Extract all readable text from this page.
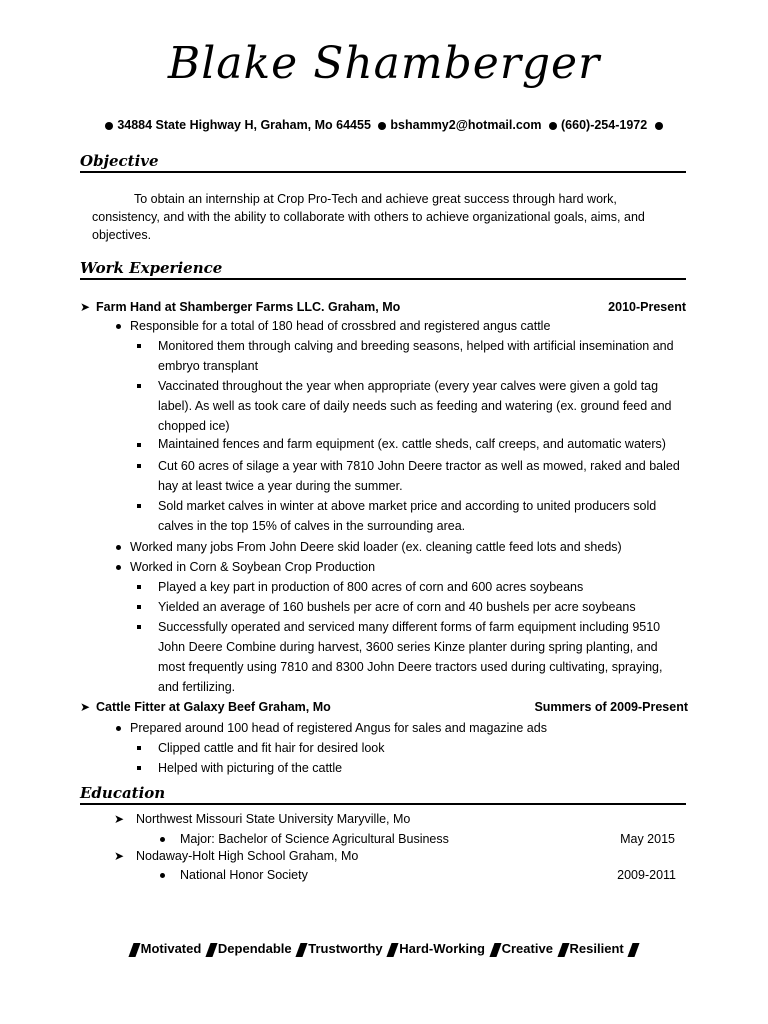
Blake Shamberger
34884 State Highway H, Graham, Mo 64455 bshammy2@hotmail.com (660)-254-1972
Objective
To obtain an internship at Crop Pro-Tech and achieve great success through hard work, consistency, and with the ability to collaborate with others to achieve organizational goals, aims, and objectives.
Work Experience
➤ Farm Hand at Shamberger Farms LLC. Graham, Mo	2010-Present
Responsible for a total of 180 head of crossbred and registered angus cattle
Monitored them through calving and breeding seasons, helped with artificial insemination and embryo transplant
Vaccinated throughout the year when appropriate (every year calves were given a gold tag label). As well as took care of daily needs such as feeding and watering (ex. ground feed and chopped ice)
Maintained fences and farm equipment (ex. cattle sheds, calf creeps, and automatic waters)
Cut 60 acres of silage a year with 7810 John Deere tractor as well as mowed, raked and baled hay at least twice a year during the summer.
Sold market calves in winter at above market price and according to united producers sold calves in the top 15% of calves in the surrounding area.
Worked many jobs From John Deere skid loader (ex. cleaning cattle feed lots and sheds)
Worked in Corn & Soybean Crop Production
Played a key part in production of 800 acres of corn and 600 acres soybeans
Yielded an average of 160 bushels per acre of corn and 40 bushels per acre soybeans
Successfully operated and serviced many different forms of farm equipment including 9510 John Deere Combine during harvest, 3600 series Kinze planter during spring planting, and most frequently using 7810 and 8300 John Deere tractors used during cultivating, spraying, and fertilizing.
➤ Cattle Fitter at Galaxy Beef Graham, Mo	Summers of 2009-Present
Prepared around 100 head of registered Angus for sales and magazine ads
Clipped cattle and fit hair for desired look
Helped with picturing of the cattle
Education
➤ Northwest Missouri State University Maryville, Mo
Major: Bachelor of Science Agricultural Business	May 2015
➤ Nodaway-Holt High School Graham, Mo
National Honor Society	2009-2011
Motivated Dependable Trustworthy Hard-Working Creative Resilient
